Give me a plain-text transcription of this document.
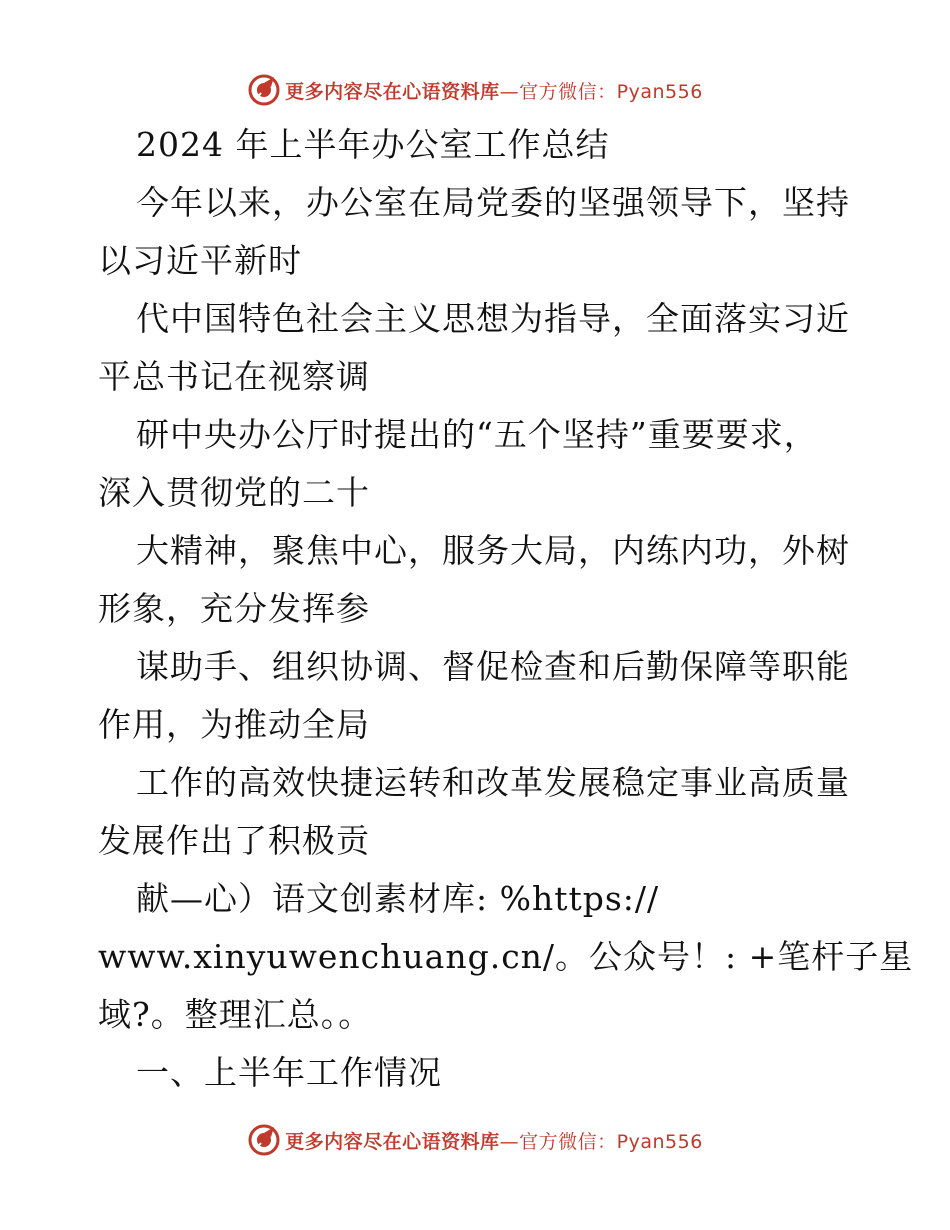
更多内容尽在心语资料库—官方微信：Pyan556
2024 年上半年办公室工作总结
今年以来，办公室在局党委的坚强领导下，坚持
以习近平新时
代中国特色社会主义思想为指导，全面落实习近
平总书记在视察调
研中央办公厅时提出的“五个坚持”重要要求，
深入贯彻党的二十
大精神，聚焦中心，服务大局，内练内功，外树
形象，充分发挥参
谋助手、组织协调、督促检查和后勤保障等职能
作用，为推动全局
工作的高效快捷运转和改革发展稳定事业高质量
发展作出了积极贡
献—心）语文创素材库: %https://
www.xinyuwenchuang.cn/。公众号！: +笔杆子星
域?。整理汇总。。
一、上半年工作情况
更多内容尽在心语资料库—官方微信：Pyan556
